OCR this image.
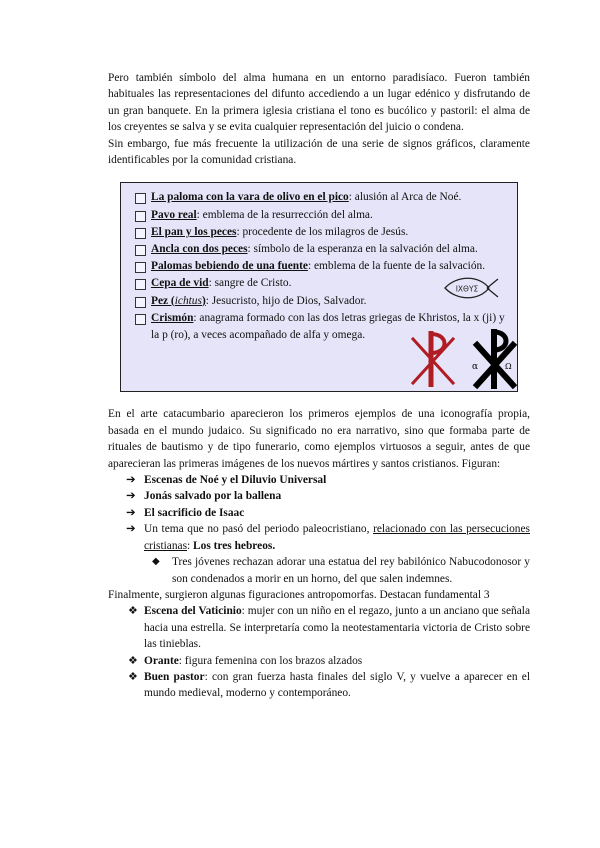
Pero también símbolo del alma humana en un entorno paradisíaco. Fueron también habituales las representaciones del difunto accediendo a un lugar edénico y disfrutando de un gran banquete. En la primera iglesia cristiana el tono es bucólico y pastoril: el alma de los creyentes se salva y se evita cualquier representación del juicio o condena.

Sin embargo, fue más frecuente la utilización de una serie de signos gráficos, claramente identificables por la comunidad cristiana.

La paloma con la vara de olivo en el pico: alusión al Arca de Noé.
Pavo real: emblema de la resurrección del alma.
El pan y los peces: procedente de los milagros de Jesús.
Ancla con dos peces: símbolo de la esperanza en la salvación del alma.
Palomas bebiendo de una fuente: emblema de la fuente de la salvación.
Cepa de vid: sangre de Cristo.
Pez (ichtus): Jesucristo, hijo de Dios, Salvador.
Crismón: anagrama formado con las dos letras griegas de Khristos, la x (ji) y la p (ro), a veces acompañado de alfa y omega.
ΙΧΘΥΣ
α	Ω

En el arte catacumbario aparecieron los primeros ejemplos de una iconografía propia, basada en el mundo judaico. Su significado no era narrativo, sino que formaba parte de rituales de bautismo y de tipo funerario, como ejemplos virtuosos a seguir, antes de que aparecieran las primeras imágenes de los nuevos mártires y santos cristianos. Figuran:

➔ Escenas de Noé y el Diluvio Universal
➔ Jonás salvado por la ballena
➔ El sacrificio de Isaac
➔ Un tema que no pasó del periodo paleocristiano, relacionado con las persecuciones cristianas: Los tres hebreos.
◆ Tres jóvenes rechazan adorar una estatua del rey babilónico Nabucodonosor y son condenados a morir en un horno, del que salen indemnes.

Finalmente, surgieron algunas figuraciones antropomorfas. Destacan fundamental 3

❖ Escena del Vaticinio: mujer con un niño en el regazo, junto a un anciano que señala hacia una estrella. Se interpretaría como la neotestamentaria victoria de Cristo sobre las tinieblas.
❖ Orante: figura femenina con los brazos alzados
❖ Buen pastor: con gran fuerza hasta finales del siglo V, y vuelve a aparecer en el mundo medieval, moderno y contemporáneo.
